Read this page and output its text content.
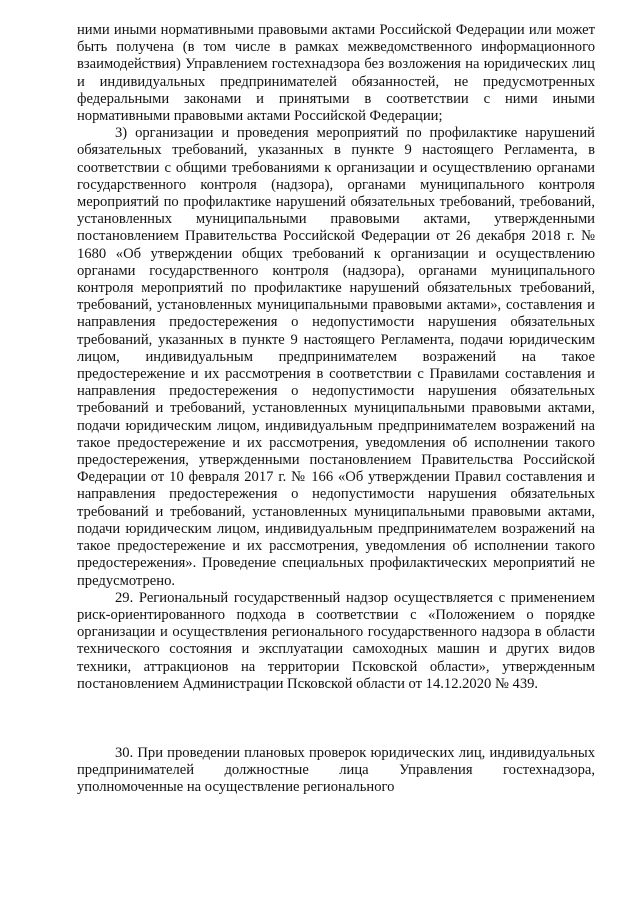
ними иными нормативными правовыми актами Российской Федерации или может быть получена (в том числе в рамках межведомственного информационного взаимодействия) Управлением гостехнадзора без возложения на юридических лиц и индивидуальных предпринимателей обязанностей, не предусмотренных федеральными законами и принятыми в соответствии с ними иными нормативными правовыми актами Российской Федерации;

3) организации и проведения мероприятий по профилактике нарушений обязательных требований, указанных в пункте 9 настоящего Регламента, в соответствии с общими требованиями к организации и осуществлению органами государственного контроля (надзора), органами муниципального контроля мероприятий по профилактике нарушений обязательных требований, требований, установленных муниципальными правовыми актами, утвержденными постановлением Правительства Российской Федерации от 26 декабря 2018 г. № 1680 «Об утверждении общих требований к организации и осуществлению органами государственного контроля (надзора), органами муниципального контроля мероприятий по профилактике нарушений обязательных требований, требований, установленных муниципальными правовыми актами», составления и направления предостережения о недопустимости нарушения обязательных требований, указанных в пункте 9 настоящего Регламента, подачи юридическим лицом, индивидуальным предпринимателем возражений на такое предостережение и их рассмотрения в соответствии с Правилами составления и направления предостережения о недопустимости нарушения обязательных требований и требований, установленных муниципальными правовыми актами, подачи юридическим лицом, индивидуальным предпринимателем возражений на такое предостережение и их рассмотрения, уведомления об исполнении такого предостережения, утвержденными постановлением Правительства Российской Федерации от 10 февраля 2017 г. № 166 «Об утверждении Правил составления и направления предостережения о недопустимости нарушения обязательных требований и требований, установленных муниципальными правовыми актами, подачи юридическим лицом, индивидуальным предпринимателем возражений на такое предостережение и их рассмотрения, уведомления об исполнении такого предостережения». Проведение специальных профилактических мероприятий не предусмотрено.

29. Региональный государственный надзор осуществляется с применением риск-ориентированного подхода в соответствии с «Положением о порядке организации и осуществления регионального государственного надзора в области технического состояния и эксплуатации самоходных машин и других видов техники, аттракционов на территории Псковской области», утвержденным постановлением Администрации Псковской области от 14.12.2020 № 439.

30. При проведении плановых проверок юридических лиц, индивидуальных предпринимателей должностные лица Управления гостехнадзора, уполномоченные на осуществление регионального
